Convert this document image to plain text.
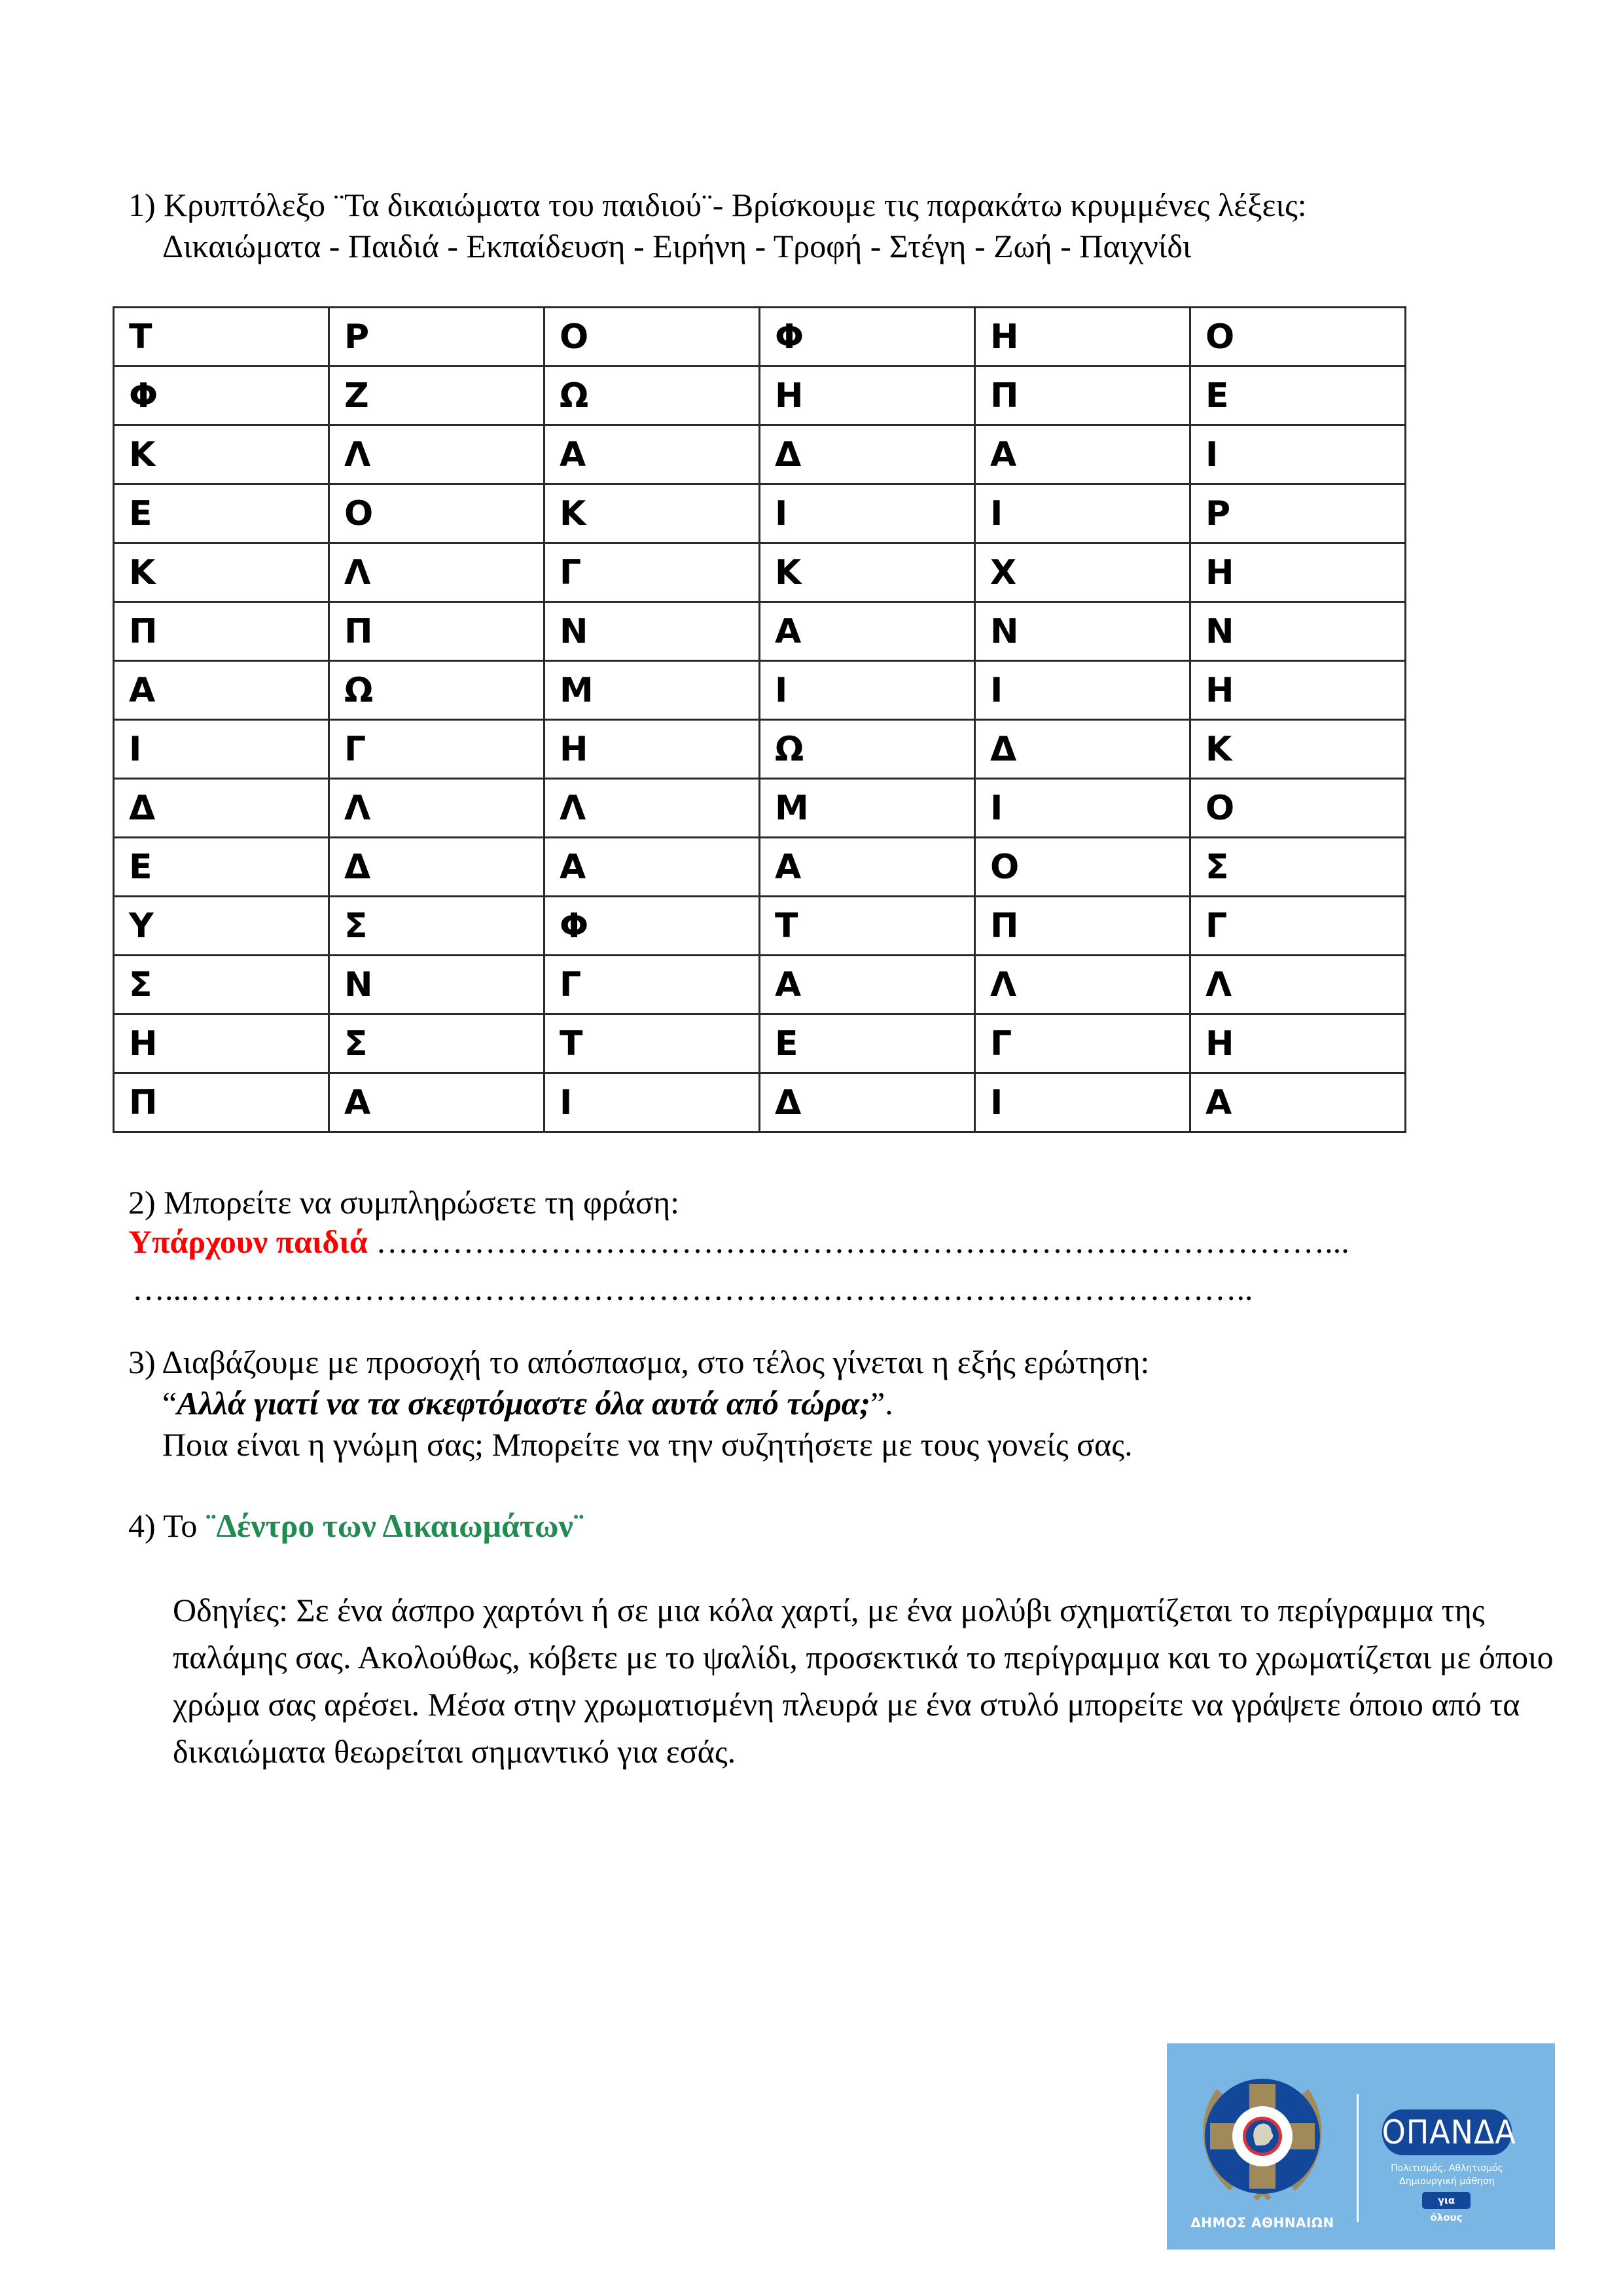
1) Κρυπτόλεξο ¨Τα δικαιώματα του παιδιού¨- Βρίσκουμε τις παρακάτω κρυμμένες λέξεις:
Δικαιώματα - Παιδιά - Εκπαίδευση - Ειρήνη - Τροφή - Στέγη - Ζωή - Παιχνίδι
Τ	Ρ	Ο	Φ	Η	Ο
Φ	Ζ	Ω	Η	Π	Ε
Κ	Λ	Α	Δ	Α	Ι
Ε	Ο	Κ	Ι	Ι	Ρ
Κ	Λ	Γ	Κ	Χ	Η
Π	Π	Ν	Α	Ν	Ν
Α	Ω	Μ	Ι	Ι	Η
Ι	Γ	Η	Ω	Δ	Κ
Δ	Λ	Λ	Μ	Ι	Ο
Ε	Δ	Α	Α	Ο	Σ
Υ	Σ	Φ	Τ	Π	Γ
Σ	Ν	Γ	Α	Λ	Λ
Η	Σ	Τ	Ε	Γ	Η
Π	Α	Ι	Δ	Ι	Α
2) Μπορείτε να συμπληρώσετε τη φράση:
Υπάρχουν παιδιά ……………………………………………………………………………...
…...……………………………………………………………………………………..
3) Διαβάζουμε με προσοχή το απόσπασμα, στο τέλος γίνεται η εξής ερώτηση:
“Αλλά γιατί να τα σκεφτόμαστε όλα αυτά από τώρα;”.
Ποια είναι η γνώμη σας; Μπορείτε να την συζητήσετε με τους γονείς σας.
4) Το ¨Δέντρο των Δικαιωμάτων¨
Οδηγίες: Σε ένα άσπρο χαρτόνι ή σε μια κόλα χαρτί, με ένα μολύβι σχηματίζεται το περίγραμμα της παλάμης σας. Ακολούθως, κόβετε με το ψαλίδι, προσεκτικά το περίγραμμα και το χρωματίζεται με όποιο χρώμα σας αρέσει. Μέσα στην χρωματισμένη πλευρά με ένα στυλό μπορείτε να γράψετε όποιο από τα δικαιώματα θεωρείται σημαντικό για εσάς.
ΔΗΜΟΣ ΑΘΗΝΑΙΩΝ
ΟΠΑΝΔΑ
Πολιτισμός, Αθλητισμός
Δημιουργική μάθηση
για όλους
